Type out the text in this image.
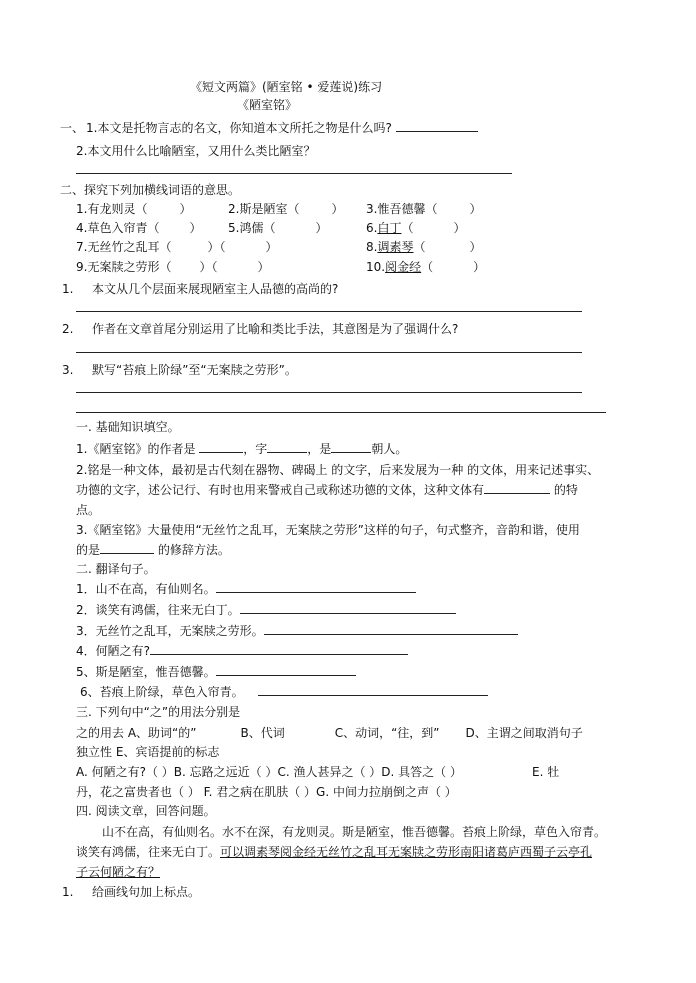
《短文两篇》(陋室铭 • 爱莲说)练习
《陋室铭》
一、 1.本文是托物言志的名文，你知道本文所托之物是什么吗?
2.本文用什么比喻陋室，又用什么类比陋室？
二、探究下列加横线词语的意思。
1.有龙则灵（	）	2.斯是陋室（	） 3.惟吾德馨（	）
4.草色入帘青（	） 5.鸿儒（	）	6.白丁（	）
7.无丝竹之乱耳（	）（	）	8.调素琴（	）
9.无案牍之劳形（ ）（	）	10.阅金经（	）
1. 本文从几个层面来展现陋室主人品德的高尚的?
2. 作者在文章首尾分别运用了比喻和类比手法，其意图是为了强调什么?
3. 默写“苔痕上阶绿”至“无案牍之劳形”。
一. 基础知识填空。
1.《陋室铭》的作者是	，字	，是	朝人。
2.铭是一种文体，最初是古代刻在器物、碑碣上 的文字，后来发展为一种 的文体，用来记述事实、
功德的文字，述公记行、有时也用来警戒自己或称述功德的文体，这种文体有	的特
点。
3.《陋室铭》大量使用“无丝竹之乱耳，无案牍之劳形”这样的句子，句式整齐，音韵和谐，使用
的是	的修辞方法。
二. 翻译句子。
1．山不在高，有仙则名。
2．谈笑有鸿儒，往来无白丁。
3．无丝竹之乱耳，无案牍之劳形。
4．何陋之有?
5、斯是陋室，惟吾德馨。
6、苔痕上阶绿，草色入帘青。
三. 下列句中“之”的用法分别是
之的用去 A、助词“的”	B、代词	C、动词，“往，到” D、主谓之间取消句子
独立性 E、宾语提前的标志
A. 何陋之有?（ ）B. 忘路之远近（ ）C. 渔人甚异之（ ）D. 具答之（ ）	E. 牡
丹，花之富贵者也（ ） F. 君之病在肌肤（ ）G. 中间力拉崩倒之声（ ）
四. 阅读文章，回答问题。
山不在高，有仙则名。水不在深，有龙则灵。斯是陋室，惟吾德馨。苔痕上阶绿，草色入帘青。
谈笑有鸿儒，往来无白丁。可以调素琴阅金经无丝竹之乱耳无案牍之劳形南阳诸葛庐西蜀子云亭孔
子云何陋之有？
1. 给画线句加上标点。
